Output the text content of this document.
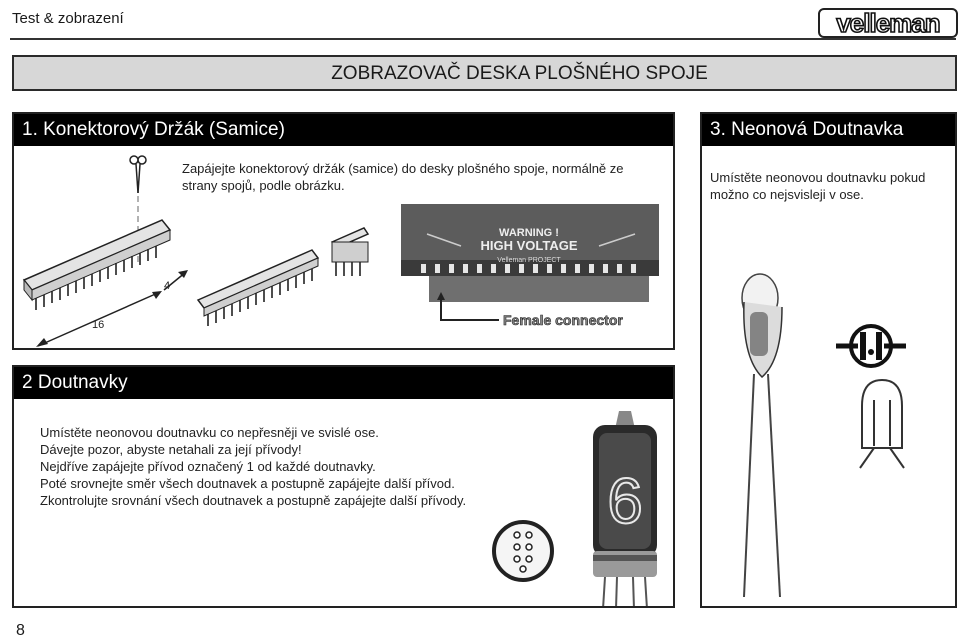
Test & zobrazení	velleman
ZOBRAZOVAČ DESKA PLOŠNÉHO SPOJE
1. Konektorový Držák (Samice)
Zapájejte konektorový držák (samice) do desky plošného spoje, normálně ze
strany spojů, podle obrázku.
16
4
WARNING !
HIGH VOLTAGE
Velleman PROJECT
Female connector
3. Neonová Doutnavka
Umístěte neonovou doutnavku pokud
možno co nejsvisleji v ose.
2 Doutnavky
Umístěte neonovou doutnavku co nepřesněji ve svislé ose.
Dávejte pozor, abyste netahali za její přívody!
Nejdříve zapájejte přívod označený 1 od každé doutnavky.
Poté srovnejte směr všech doutnavek a postupně zapájejte další přívod.
Zkontrolujte srovnání všech doutnavek a postupně zapájejte další přívody.	6
8
